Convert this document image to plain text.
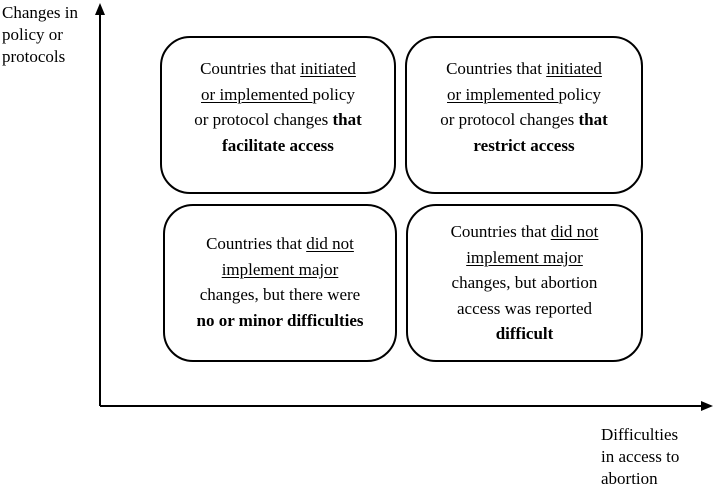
Changes in
policy or
protocols
Difficulties
in access to
abortion
Countries that initiated
or implemented policy
or protocol changes that
facilitate access
Countries that initiated
or implemented policy
or protocol changes that
restrict access
Countries that did not
implement major
changes, but there were
no or minor difficulties
Countries that did not
implement major
changes, but abortion
access was reported
difficult
